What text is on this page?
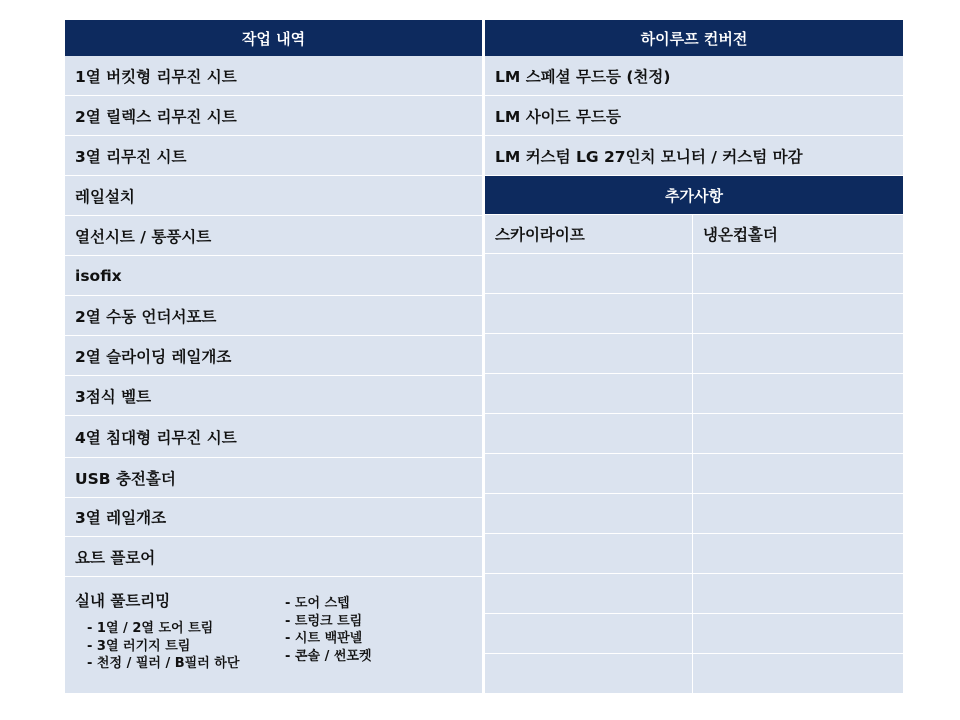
작업 내역
1열 버킷형 리무진 시트
2열 릴렉스 리무진 시트
3열 리무진 시트
레일설치
열선시트 / 통풍시트
isofix
2열 수동 언더서포트
2열 슬라이딩 레일개조
3점식 벨트
4열 침대형 리무진 시트
USB 충전홀더
3열 레일개조
요트 플로어
실내 풀트리밍
- 1열 / 2열 도어 트림
- 3열 러기지 트림
- 천정 / 필러 / B필러 하단
- 도어 스텝
- 트렁크 트림
- 시트 백판넬
- 콘솔 / 썬포켓
하이루프 컨버전
LM 스페셜 무드등 (천정)
LM 사이드 무드등
LM 커스텀 LG 27인치 모니터 / 커스텀 마감
추가사항
스카이라이프	냉온컵홀더
